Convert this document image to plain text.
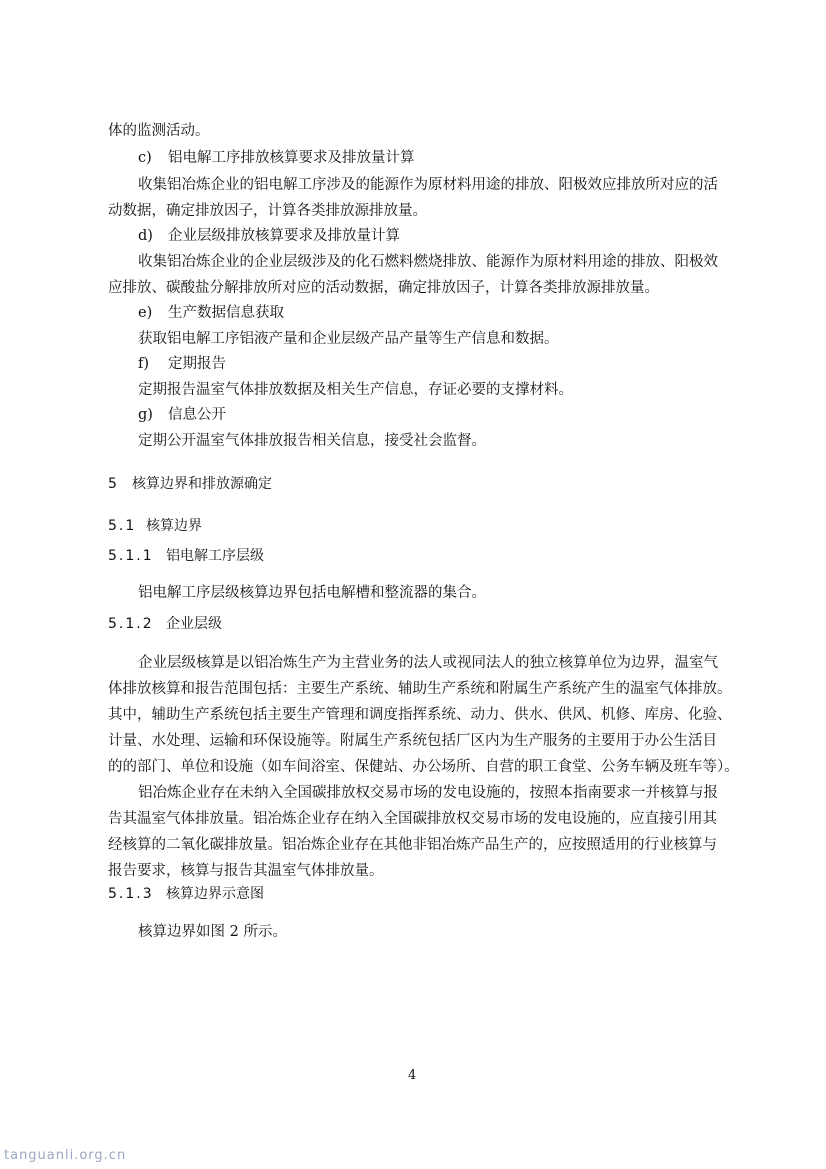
体的监测活动。
c) 铝电解工序排放核算要求及排放量计算
收集铝冶炼企业的铝电解工序涉及的能源作为原材料用途的排放、阳极效应排放所对应的活
动数据，确定排放因子，计算各类排放源排放量。
d) 企业层级排放核算要求及排放量计算
收集铝冶炼企业的企业层级涉及的化石燃料燃烧排放、能源作为原材料用途的排放、阳极效
应排放、碳酸盐分解排放所对应的活动数据，确定排放因子，计算各类排放源排放量。
e) 生产数据信息获取
获取铝电解工序铝液产量和企业层级产品产量等生产信息和数据。
f) 定期报告
定期报告温室气体排放数据及相关生产信息，存证必要的支撑材料。
g) 信息公开
定期公开温室气体排放报告相关信息，接受社会监督。
5 核算边界和排放源确定
5.1 核算边界
5.1.1 铝电解工序层级
铝电解工序层级核算边界包括电解槽和整流器的集合。
5.1.2 企业层级
企业层级核算是以铝冶炼生产为主营业务的法人或视同法人的独立核算单位为边界，温室气
体排放核算和报告范围包括：主要生产系统、辅助生产系统和附属生产系统产生的温室气体排放。
其中，辅助生产系统包括主要生产管理和调度指挥系统、动力、供水、供风、机修、库房、化验、
计量、水处理、运输和环保设施等。附属生产系统包括厂区内为生产服务的主要用于办公生活目
的的部门、单位和设施（如车间浴室、保健站、办公场所、自营的职工食堂、公务车辆及班车等）。
铝冶炼企业存在未纳入全国碳排放权交易市场的发电设施的，按照本指南要求一并核算与报
告其温室气体排放量。铝冶炼企业存在纳入全国碳排放权交易市场的发电设施的，应直接引用其
经核算的二氧化碳排放量。铝冶炼企业存在其他非铝冶炼产品生产的，应按照适用的行业核算与
报告要求，核算与报告其温室气体排放量。
5.1.3 核算边界示意图
核算边界如图 2 所示。
4
tanguanli.org.cn
